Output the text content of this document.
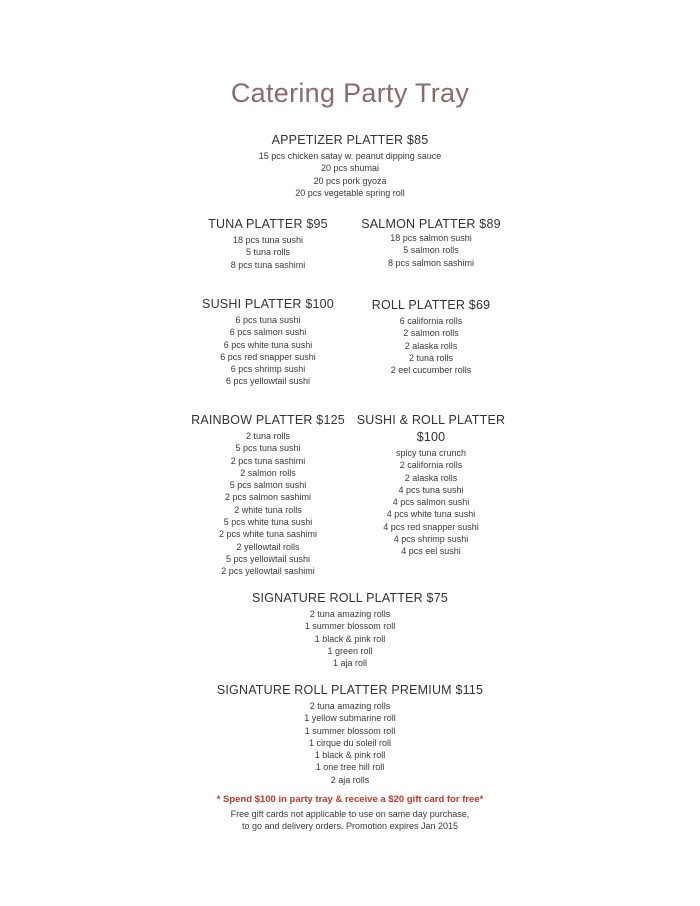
Catering Party Tray
APPETIZER PLATTER $85
15 pcs chicken satay w. peanut dipping sauce
20 pcs shumai
20 pcs pork gyoza
20 pcs vegetable spring roll
TUNA PLATTER $95
18 pcs tuna sushi
5 tuna rolls
8 pcs tuna sashimi
SALMON PLATTER $89
18 pcs salmon sushi
5 salmon rolls
8 pcs salmon sashimi
SUSHI PLATTER $100
6 pcs tuna sushi
6 pcs salmon sushi
6 pcs white tuna sushi
6 pcs red snapper sushi
6 pcs shrimp sushi
6 pcs yellowtail sushi
ROLL PLATTER $69
6 california rolls
2 salmon rolls
2 alaska rolls
2 tuna rolls
2 eel cucumber rolls
RAINBOW PLATTER $125
2 tuna rolls
5 pcs tuna sushi
2 pcs tuna sashimi
2 salmon rolls
5 pcs salmon sushi
2 pcs salmon sashimi
2 white tuna rolls
5 pcs white tuna sushi
2 pcs white tuna sashimi
2 yellowtail rolls
5 pcs yellowtail sushi
2 pcs yellowtail sashimi
SUSHI & ROLL PLATTER
$100
spicy tuna crunch
2 california rolls
2 alaska rolls
4 pcs tuna sushi
4 pcs salmon sushi
4 pcs white tuna sushi
4 pcs red snapper sushi
4 pcs shrimp sushi
4 pcs eel sushi
SIGNATURE ROLL PLATTER $75
2 tuna amazing rolls
1 summer blossom roll
1 black & pink roll
1 green roll
1 aja roll
SIGNATURE ROLL PLATTER PREMIUM $115
2 tuna amazing rolls
1 yellow submarine roll
1 summer blossom roll
1 cirque du soleil roll
1 black & pink roll
1 one tree hill roll
2 aja rolls
* Spend $100 in party tray & receive a $20 gift card for free*
Free gift cards not applicable to use on same day purchase,
to go and delivery orders. Promotion expires Jan 2015
